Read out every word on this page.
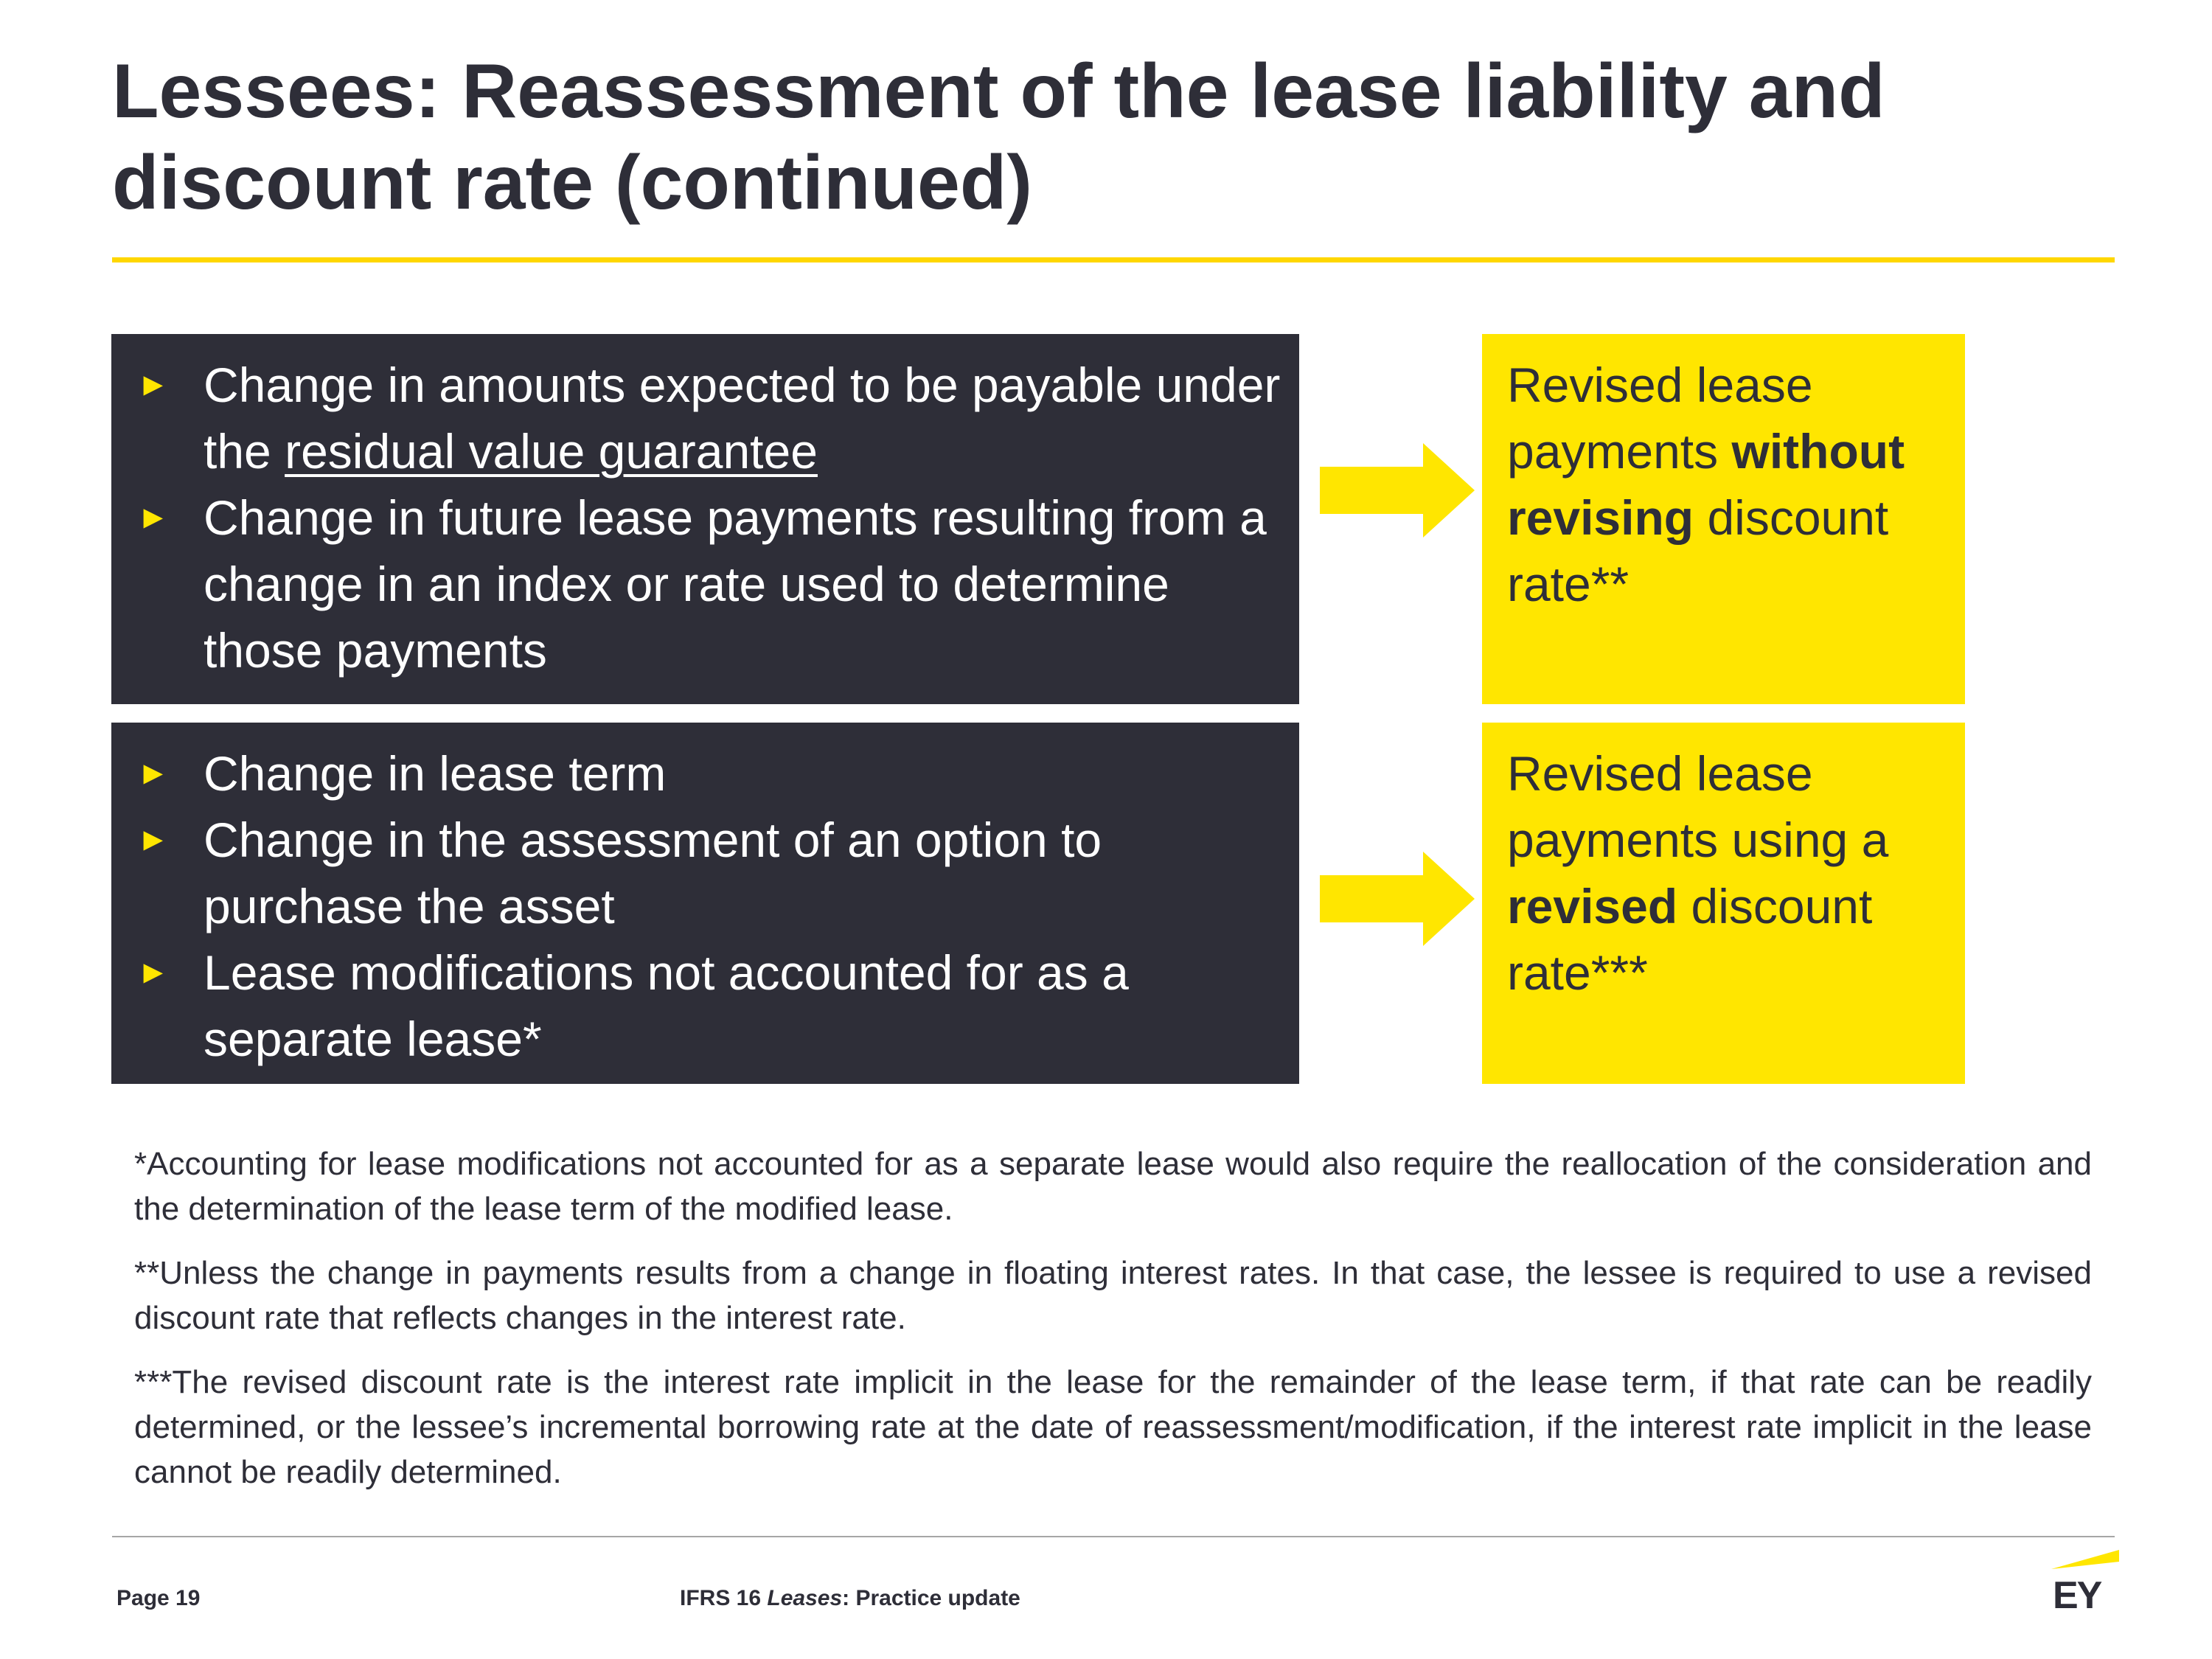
Lessees: Reassessment of the lease liability and
discount rate (continued)
► Change in amounts expected to be payable under the residual value guarantee
► Change in future lease payments resulting from a change in an index or rate used to determine those payments
Revised lease payments without revising discount rate**
► Change in lease term
► Change in the assessment of an option to purchase the asset
► Lease modifications not accounted for as a separate lease*
Revised lease payments using a revised discount rate***

*Accounting for lease modifications not accounted for as a separate lease would also require the reallocation of the consideration and the determination of the lease term of the modified lease.

**Unless the change in payments results from a change in floating interest rates. In that case, the lessee is required to use a revised discount rate that reflects changes in the interest rate.

***The revised discount rate is the interest rate implicit in the lease for the remainder of the lease term, if that rate can be readily determined, or the lessee’s incremental borrowing rate at the date of reassessment/modification, if the interest rate implicit in the lease cannot be readily determined.

Page 19	IFRS 16 Leases: Practice update	EY
